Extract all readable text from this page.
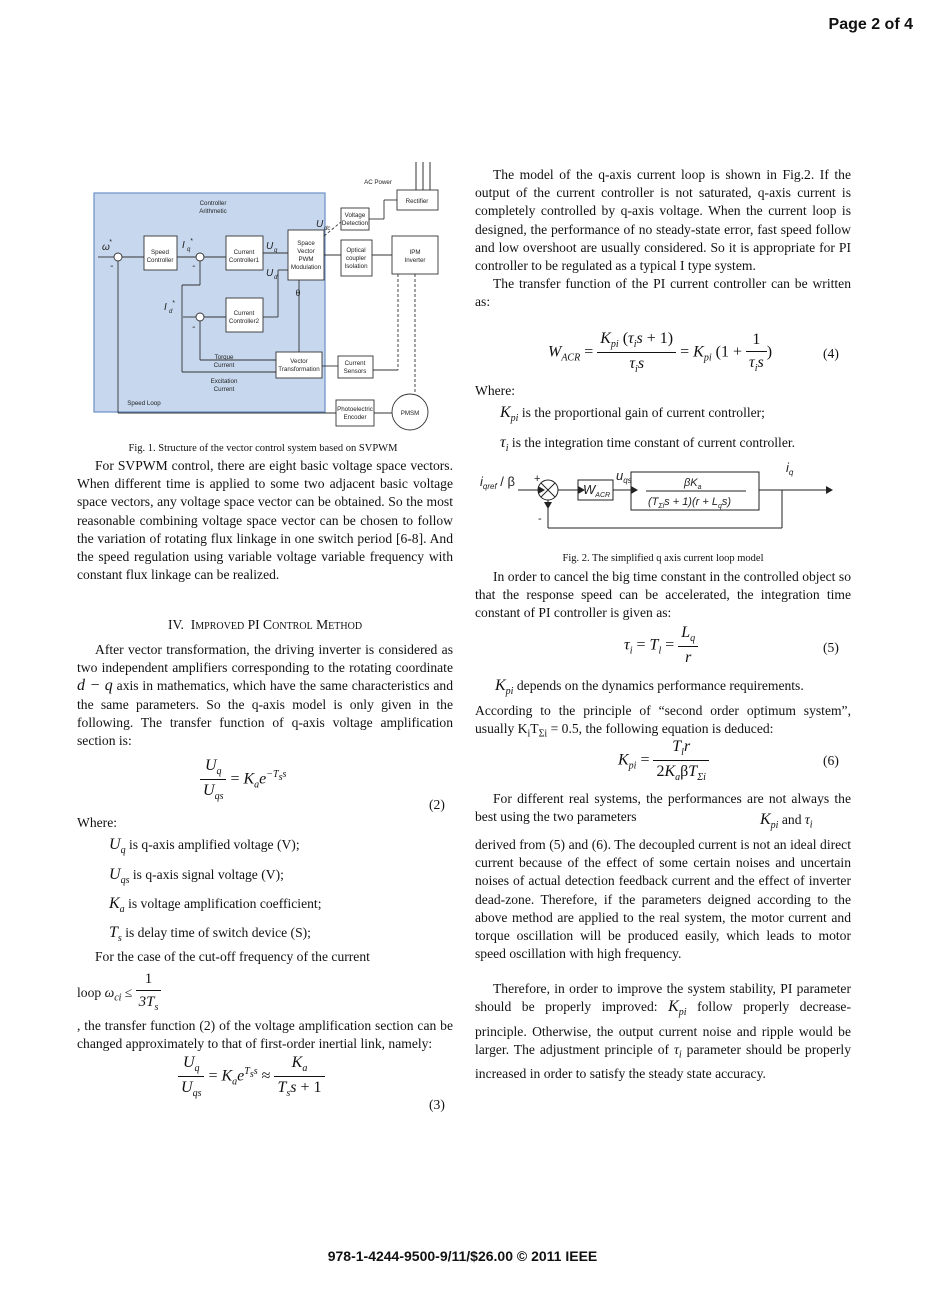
Page 2 of 4
AC Power
Rectifier
Controller
Arithmetic
Voltage
Detection
Speed
Controller
Current
Controller1
Space
Vector
PWM
Modulation
Optical
coupler
Isolation
IPM
Inverter
Current
Controller2
θ
Torque
Current
Excitation
Current
Vector
Transformation
Current
Sensors
Speed Loop
Photoelectric
Encoder
PMSM
ω *	I q
*
I d
*
U q
U d
U dc
-	-
-
Fig. 1. Structure of the vector control system based on SVPWM

For SVPWM control, there are eight basic voltage space vectors. When different time is applied to some two adjacent basic voltage space vectors, any voltage space vector can be obtained. So the most reasonable combining voltage space vector can be chosen to follow the variation of rotating flux linkage in one switch period [6-8]. And the speed regulation using variable voltage variable frequency with constant flux linkage can be realized.

IV. Improved PI Control Method

After vector transformation, the driving inverter is considered as two independent amplifiers corresponding to the rotating coordinate d − q axis in mathematics, which have the same characteristics and the same parameters. So the q-axis model is only given in the following. The transfer function of q-axis voltage amplification section is:

$\frac{U_q}{U_{qs}} = K_ae^{-T_ss}$
(2)

Where:

$U_q$ is q-axis amplified voltage (V);
$U_{qs}$ is q-axis signal voltage (V);
$K_a$ is voltage amplification coefficient;
$T_s$ is delay time of switch device (S);

For the case of the cut-off frequency of the current

loop $\omega_{ci} \le \frac{1}{3T_s}$

, the transfer function (2) of the voltage amplification section can be changed approximately to that of first-order inertial link, namely:

$\frac{U_q}{U_{qs}} = K_ae^{T_ss} \approx \frac{K_a}{T_ss + 1}$
(3)

The model of the q-axis current loop is shown in Fig.2. If the output of the current controller is not saturated, q-axis current is completely controlled by q-axis voltage. When the current loop is designed, the performance of no steady-state error, fast speed follow and low overshoot are usually considered. So it is appropriate for PI controller to be regulated as a typical I type system.

The transfer function of the PI current controller can be written as:

$W_{ACR} = \frac{K_{pi} (\tau_is + 1)}{\tau_is} = K_{pi}$ ($1 + \frac{1}{\tau_is}$ )	(4)

Where:

$K_{pi}$ is the proportional gain of current controller;
$\tau_i$ is the integration time constant of current controller.
$i_{qref}$ / β +
-
$u_{qs}$
$W_{ACR}$
$i_q$
$\beta K_a$
$(T_{\Sigma i}s + 1)(r + L_qs)$
Fig. 2. The simplified q axis current loop model

In order to cancel the big time constant in the controlled object so that the response speed can be accelerated, the integration time constant of PI controller is given as:

$\tau_i = T_l = \frac{L_q}{r}$	(5)
$K_{pi}$ depends on the dynamics performance requirements.

According to the principle of “second order optimum system”, usually $K_iT_{\Sigma i} = 0.5$, the following equation is deduced:

$K_{pi} = \frac{T_lr}{2K_a\beta T_{\Sigma i}}$	(6)

For different real systems, the performances are not always the best using the two parameters	$K_{pi}$ and $\tau_i$

derived from (5) and (6). The decoupled current is not an ideal direct current because of the effect of some certain noises and uncertain noises of actual detection feedback current and the effect of inverter dead-zone. Therefore, if the parameters deigned according to the above method are applied to the real system, the motor current and torque oscillation will be produced easily, which leads to motor speed oscillation with high frequency.

Therefore, in order to improve the system stability, PI parameter should be properly improved: $K_{pi}$ follow properly decrease-principle. Otherwise, the output current noise and ripple would be larger. The adjustment principle of $\tau_i$ parameter should be properly increased in order to satisfy the steady state accuracy.

978-1-4244-9500-9/11/$26.00 © 2011 IEEE
